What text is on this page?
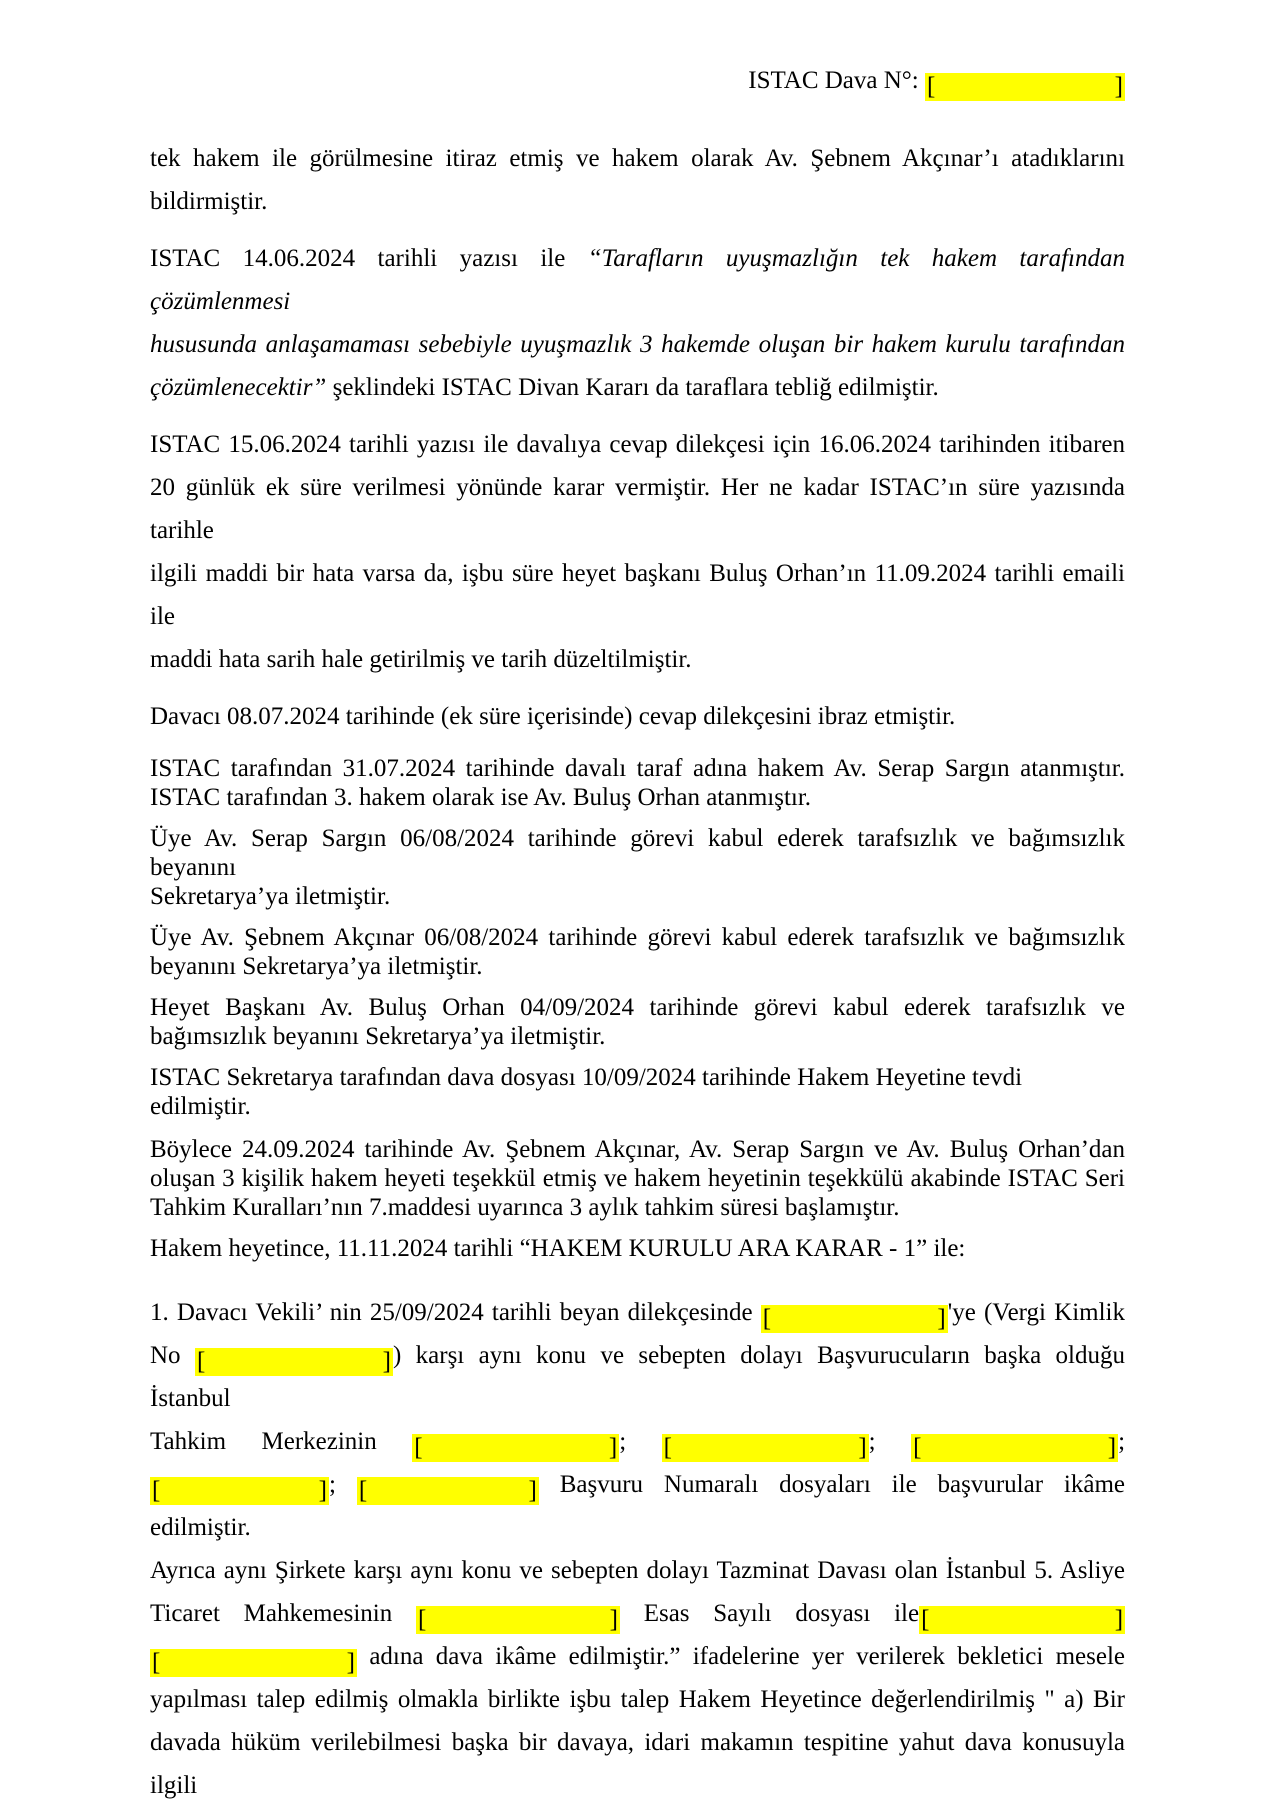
ISTAC Dava N°: [	]
tek hakem ile görülmesine itiraz etmiş ve hakem olarak Av. Şebnem Akçınar’ı atadıklarını
bildirmiştir.
ISTAC 14.06.2024 tarihli yazısı ile “Tarafların uyuşmazlığın tek hakem tarafından çözümlenmesi
hususunda anlaşamaması sebebiyle uyuşmazlık 3 hakemde oluşan bir hakem kurulu tarafından
çözümlenecektir” şeklindeki ISTAC Divan Kararı da taraflara tebliğ edilmiştir.
ISTAC 15.06.2024 tarihli yazısı ile davalıya cevap dilekçesi için 16.06.2024 tarihinden itibaren
20 günlük ek süre verilmesi yönünde karar vermiştir. Her ne kadar ISTAC’ın süre yazısında tarihle
ilgili maddi bir hata varsa da, işbu süre heyet başkanı Buluş Orhan’ın 11.09.2024 tarihli emaili ile
maddi hata sarih hale getirilmiş ve tarih düzeltilmiştir.
Davacı 08.07.2024 tarihinde (ek süre içerisinde) cevap dilekçesini ibraz etmiştir.
ISTAC tarafından 31.07.2024 tarihinde davalı taraf adına hakem Av. Serap Sargın atanmıştır.
ISTAC tarafından 3. hakem olarak ise Av. Buluş Orhan atanmıştır.
Üye Av. Serap Sargın 06/08/2024 tarihinde görevi kabul ederek tarafsızlık ve bağımsızlık beyanını
Sekretarya’ya iletmiştir.
Üye Av. Şebnem Akçınar 06/08/2024 tarihinde görevi kabul ederek tarafsızlık ve bağımsızlık
beyanını Sekretarya’ya iletmiştir.
Heyet Başkanı Av. Buluş Orhan 04/09/2024 tarihinde görevi kabul ederek tarafsızlık ve
bağımsızlık beyanını Sekretarya’ya iletmiştir.
ISTAC Sekretarya tarafından dava dosyası 10/09/2024 tarihinde Hakem Heyetine tevdi edilmiştir.
Böylece 24.09.2024 tarihinde Av. Şebnem Akçınar, Av. Serap Sargın ve Av. Buluş Orhan’dan
oluşan 3 kişilik hakem heyeti teşekkül etmiş ve hakem heyetinin teşekkülü akabinde ISTAC Seri
Tahkim Kuralları’nın 7.maddesi uyarınca 3 aylık tahkim süresi başlamıştır.
Hakem heyetince, 11.11.2024 tarihli “HAKEM KURULU ARA KARAR - 1” ile:
1. Davacı Vekili’ nin 25/09/2024 tarihli beyan dilekçesinde [	] 'ye (Vergi Kimlik
No [	] ) karşı aynı konu ve sebepten dolayı Başvurucuların başka olduğu İstanbul
Tahkim Merkezinin [	] ; [	] ; [	] ;
[	] ; [	] Başvuru Numaralı dosyaları ile başvurular ikâme edilmiştir.
Ayrıca aynı Şirkete karşı aynı konu ve sebepten dolayı Tazminat Davası olan İstanbul 5. Asliye
Ticaret Mahkemesinin [	] Esas Sayılı dosyası ile [	]
[	] adına dava ikâme edilmiştir.” ifadelerine yer verilerek bekletici mesele
yapılması talep edilmiş olmakla birlikte işbu talep Hakem Heyetince değerlendirilmiş " a) Bir
davada hüküm verilebilmesi başka bir davaya, idari makamın tespitine yahut dava konusuyla ilgili
